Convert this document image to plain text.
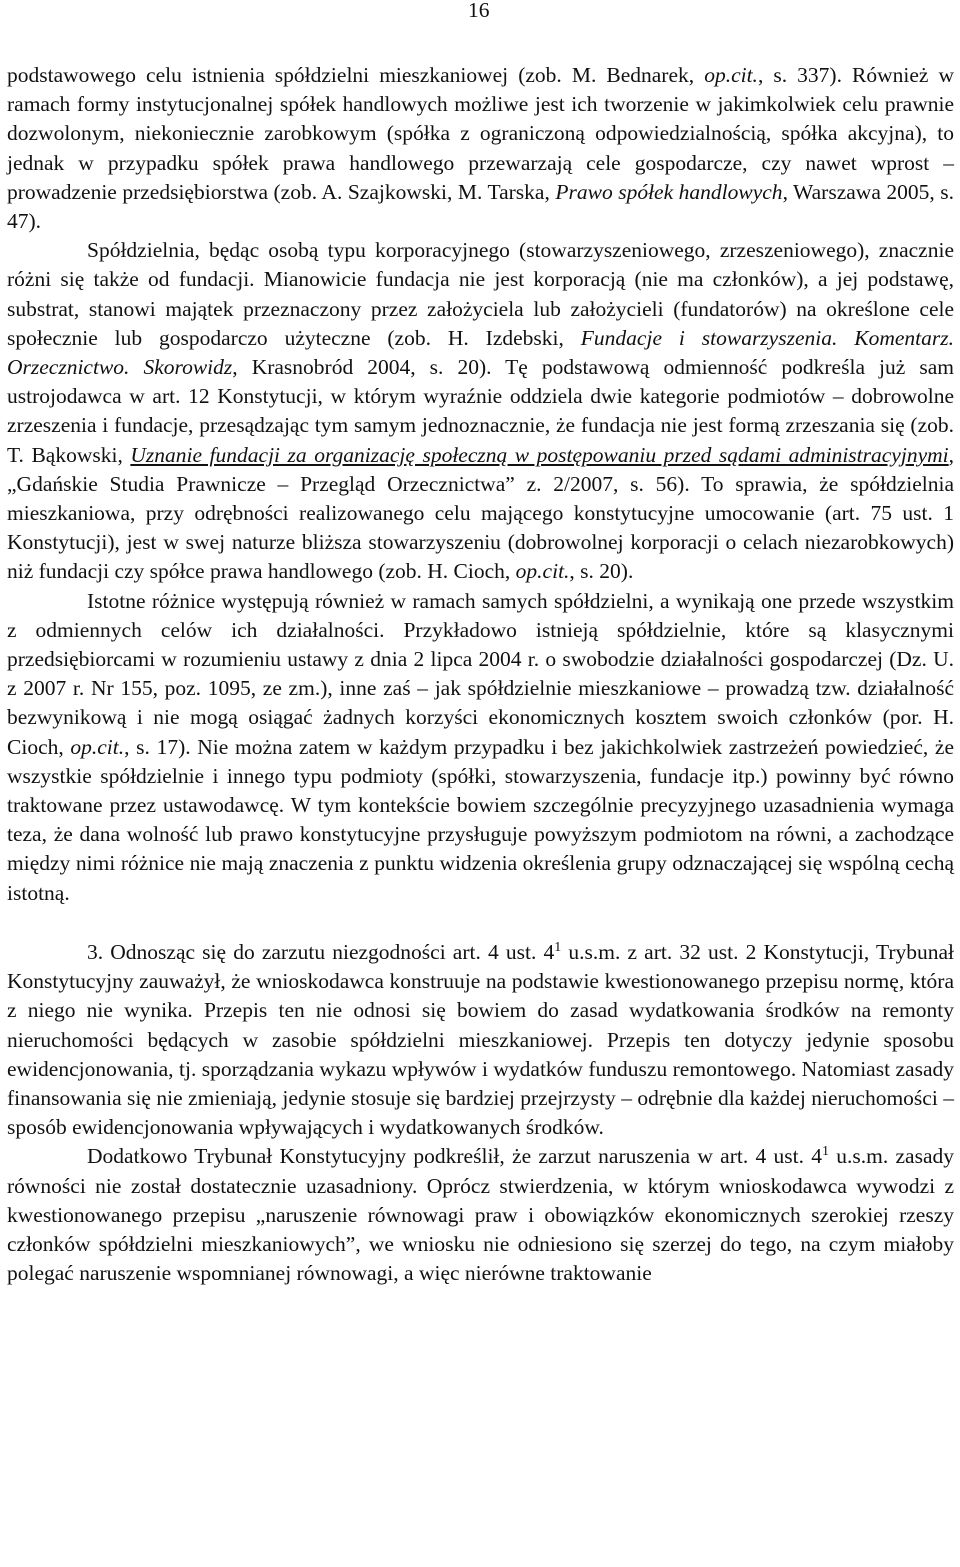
16

podstawowego celu istnienia spółdzielni mieszkaniowej (zob. M. Bednarek, op.cit., s. 337). Również w ramach formy instytucjonalnej spółek handlowych możliwe jest ich tworzenie w jakimkolwiek celu prawnie dozwolonym, niekoniecznie zarobkowym (spółka z ograniczoną odpowiedzialnością, spółka akcyjna), to jednak w przypadku spółek prawa handlowego przewarzają cele gospodarcze, czy nawet wprost – prowadzenie przedsiębiorstwa (zob. A. Szajkowski, M. Tarska, Prawo spółek handlowych, Warszawa 2005, s. 47).

Spółdzielnia, będąc osobą typu korporacyjnego (stowarzyszeniowego, zrzeszeniowego), znacznie różni się także od fundacji. Mianowicie fundacja nie jest korporacją (nie ma członków), a jej podstawę, substrat, stanowi majątek przeznaczony przez założyciela lub założycieli (fundatorów) na określone cele społecznie lub gospodarczo użyteczne (zob. H. Izdebski, Fundacje i stowarzyszenia. Komentarz. Orzecznictwo. Skorowidz, Krasnobród 2004, s. 20). Tę podstawową odmienność podkreśla już sam ustrojodawca w art. 12 Konstytucji, w którym wyraźnie oddziela dwie kategorie podmiotów – dobrowolne zrzeszenia i fundacje, przesądzając tym samym jednoznacznie, że fundacja nie jest formą zrzeszania się (zob. T. Bąkowski, Uznanie fundacji za organizację społeczną w postępowaniu przed sądami administracyjnymi, „Gdańskie Studia Prawnicze – Przegląd Orzecznictwa” z. 2/2007, s. 56). To sprawia, że spółdzielnia mieszkaniowa, przy odrębności realizowanego celu mającego konstytucyjne umocowanie (art. 75 ust. 1 Konstytucji), jest w swej naturze bliższa stowarzyszeniu (dobrowolnej korporacji o celach niezarobkowych) niż fundacji czy spółce prawa handlowego (zob. H. Cioch, op.cit., s. 20).

Istotne różnice występują również w ramach samych spółdzielni, a wynikają one przede wszystkim z odmiennych celów ich działalności. Przykładowo istnieją spółdzielnie, które są klasycznymi przedsiębiorcami w rozumieniu ustawy z dnia 2 lipca 2004 r. o swobodzie działalności gospodarczej (Dz. U. z 2007 r. Nr 155, poz. 1095, ze zm.), inne zaś – jak spółdzielnie mieszkaniowe – prowadzą tzw. działalność bezwynikową i nie mogą osiągać żadnych korzyści ekonomicznych kosztem swoich członków (por. H. Cioch, op.cit., s. 17). Nie można zatem w każdym przypadku i bez jakichkolwiek zastrzeżeń powiedzieć, że wszystkie spółdzielnie i innego typu podmioty (spółki, stowarzyszenia, fundacje itp.) powinny być równo traktowane przez ustawodawcę. W tym kontekście bowiem szczególnie precyzyjnego uzasadnienia wymaga teza, że dana wolność lub prawo konstytucyjne przysługuje powyższym podmiotom na równi, a zachodzące między nimi różnice nie mają znaczenia z punktu widzenia określenia grupy odznaczającej się wspólną cechą istotną.

3. Odnosząc się do zarzutu niezgodności art. 4 ust. $4^1$ u.s.m. z art. 32 ust. 2 Konstytucji, Trybunał Konstytucyjny zauważył, że wnioskodawca konstruuje na podstawie kwestionowanego przepisu normę, która z niego nie wynika. Przepis ten nie odnosi się bowiem do zasad wydatkowania środków na remonty nieruchomości będących w zasobie spółdzielni mieszkaniowej. Przepis ten dotyczy jedynie sposobu ewidencjonowania, tj. sporządzania wykazu wpływów i wydatków funduszu remontowego. Natomiast zasady finansowania się nie zmieniają, jedynie stosuje się bardziej przejrzysty – odrębnie dla każdej nieruchomości – sposób ewidencjonowania wpływających i wydatkowanych środków.

Dodatkowo Trybunał Konstytucyjny podkreślił, że zarzut naruszenia w art. 4 ust. $4^1$ u.s.m. zasady równości nie został dostatecznie uzasadniony. Oprócz stwierdzenia, w którym wnioskodawca wywodzi z kwestionowanego przepisu „naruszenie równowagi praw i obowiązków ekonomicznych szerokiej rzeszy członków spółdzielni mieszkaniowych”, we wniosku nie odniesiono się szerzej do tego, na czym miałoby polegać naruszenie wspomnianej równowagi, a więc nierówne traktowanie
